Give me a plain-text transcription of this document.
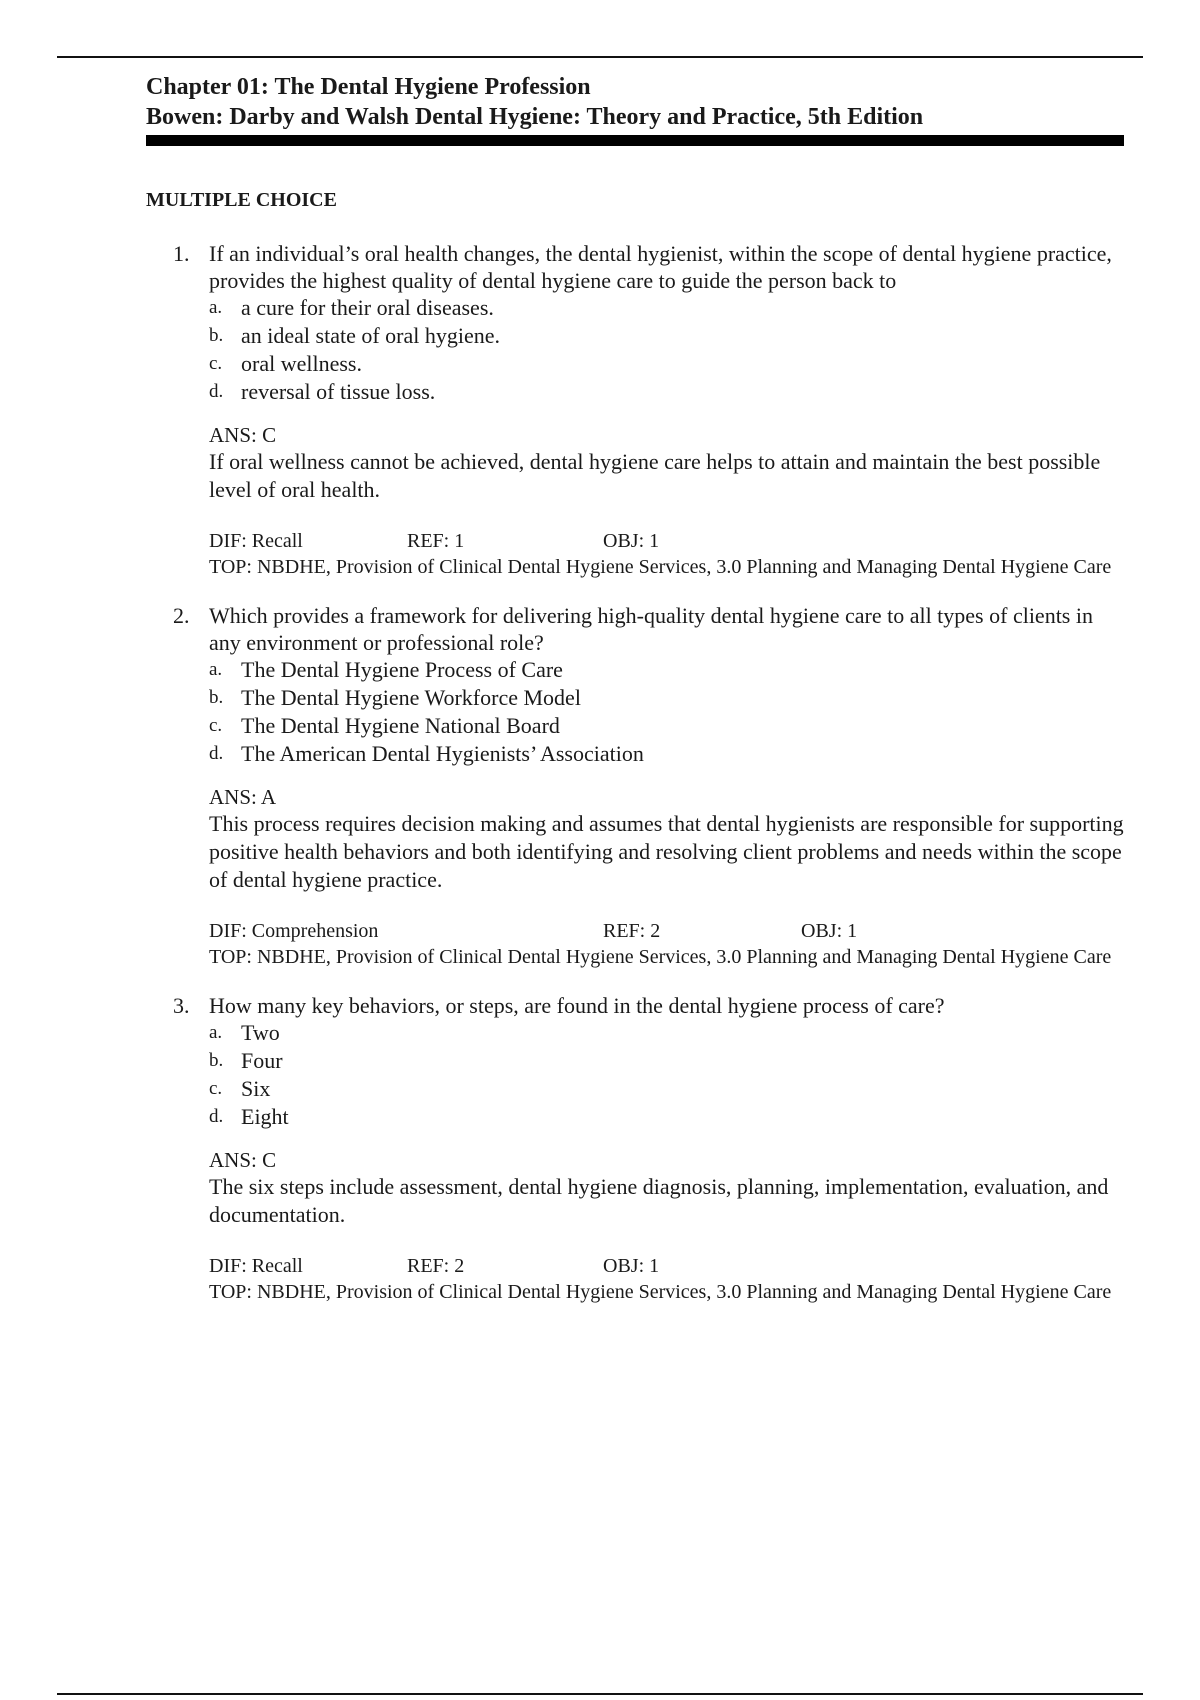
Chapter 01: The Dental Hygiene Profession
Bowen: Darby and Walsh Dental Hygiene: Theory and Practice, 5th Edition
MULTIPLE CHOICE
1. If an individual’s oral health changes, the dental hygienist, within the scope of dental hygiene practice, provides the highest quality of dental hygiene care to guide the person back to
a. a cure for their oral diseases.
b. an ideal state of oral hygiene.
c. oral wellness.
d. reversal of tissue loss.
ANS: C
If oral wellness cannot be achieved, dental hygiene care helps to attain and maintain the best possible level of oral health.
DIF: Recall	REF: 1	OBJ: 1
TOP: NBDHE, Provision of Clinical Dental Hygiene Services, 3.0 Planning and Managing Dental Hygiene Care
2. Which provides a framework for delivering high-quality dental hygiene care to all types of clients in any environment or professional role?
a. The Dental Hygiene Process of Care
b. The Dental Hygiene Workforce Model
c. The Dental Hygiene National Board
d. The American Dental Hygienists’ Association
ANS: A
This process requires decision making and assumes that dental hygienists are responsible for supporting positive health behaviors and both identifying and resolving client problems and needs within the scope of dental hygiene practice.
DIF: Comprehension	REF: 2	OBJ: 1
TOP: NBDHE, Provision of Clinical Dental Hygiene Services, 3.0 Planning and Managing Dental Hygiene Care
3. How many key behaviors, or steps, are found in the dental hygiene process of care?
a. Two
b. Four
c. Six
d. Eight
ANS: C
The six steps include assessment, dental hygiene diagnosis, planning, implementation, evaluation, and documentation.
DIF: Recall	REF: 2	OBJ: 1
TOP: NBDHE, Provision of Clinical Dental Hygiene Services, 3.0 Planning and Managing Dental Hygiene Care
